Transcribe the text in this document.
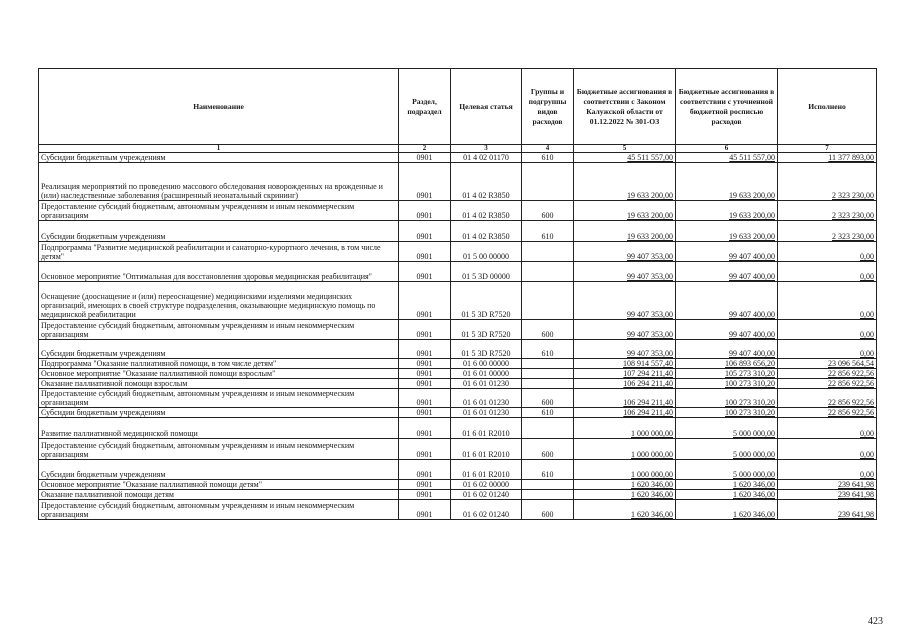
Наименование	Раздел, подраздел	Целевая статья	Группы и подгруппы видов расходов	Бюджетные ассигнования в соответствии с Законом Калужской области от 01.12.2022 № 301-ОЗ	Бюджетные ассигнования в соответствии с уточненной бюджетной росписью расходов	Исполнено
1	2	3	4	5	6	7
Субсидии бюджетным учреждениям	0901	01 4 02 01170	610	45 511 557,00	45 511 557,00	11 377 893,00
Реализация мероприятий по проведению массового обследования новорожденных на врожденные и (или) наследственные заболевания (расширенный неонатальный скрининг)	0901	01 4 02 R3850		19 633 200,00	19 633 200,00	2 323 230,00
Предоставление субсидий бюджетным, автономным учреждениям и иным некоммерческим организациям	0901	01 4 02 R3850	600	19 633 200,00	19 633 200,00	2 323 230,00
Субсидии бюджетным учреждениям	0901	01 4 02 R3850	610	19 633 200,00	19 633 200,00	2 323 230,00
Подпрограмма "Развитие медицинской реабилитации и санаторно-курортного лечения, в том числе детям"	0901	01 5 00 00000		99 407 353,00	99 407 400,00	0,00
Основное мероприятие "Оптимальная для восстановления здоровья медицинская реабилитация"	0901	01 5 3D 00000		99 407 353,00	99 407 400,00	0,00
Оснащение (дооснащение и (или) переоснащение) медицинскими изделиями медицинских организаций, имеющих в своей структуре подразделения, оказывающие медицинскую помощь по медицинской реабилитации	0901	01 5 3D R7520		99 407 353,00	99 407 400,00	0,00
Предоставление субсидий бюджетным, автономным учреждениям и иным некоммерческим организациям	0901	01 5 3D R7520	600	99 407 353,00	99 407 400,00	0,00
Субсидии бюджетным учреждениям	0901	01 5 3D R7520	610	99 407 353,00	99 407 400,00	0,00
Подпрограмма "Оказание паллиативной помощи, в том числе детям"	0901	01 6 00 00000		108 914 557,40	106 893 656,20	23 096 564,54
Основное мероприятие "Оказание паллиативной помощи взрослым"	0901	01 6 01 00000		107 294 211,40	105 273 310,20	22 856 922,56
Оказание паллиативной помощи взрослым	0901	01 6 01 01230		106 294 211,40	100 273 310,20	22 856 922,56
Предоставление субсидий бюджетным, автономным учреждениям и иным некоммерческим организациям	0901	01 6 01 01230	600	106 294 211,40	100 273 310,20	22 856 922,56
Субсидии бюджетным учреждениям	0901	01 6 01 01230	610	106 294 211,40	100 273 310,20	22 856 922,56
Развитие паллиативной медицинской помощи	0901	01 6 01 R2010		1 000 000,00	5 000 000,00	0,00
Предоставление субсидий бюджетным, автономным учреждениям и иным некоммерческим организациям	0901	01 6 01 R2010	600	1 000 000,00	5 000 000,00	0,00
Субсидии бюджетным учреждениям	0901	01 6 01 R2010	610	1 000 000,00	5 000 000,00	0,00
Основное мероприятие "Оказание паллиативной помощи детям"	0901	01 6 02 00000		1 620 346,00	1 620 346,00	239 641,98
Оказание паллиативной помощи детям	0901	01 6 02 01240		1 620 346,00	1 620 346,00	239 641,98
Предоставление субсидий бюджетным, автономным учреждениям и иным некоммерческим организациям	0901	01 6 02 01240	600	1 620 346,00	1 620 346,00	239 641,98
423
